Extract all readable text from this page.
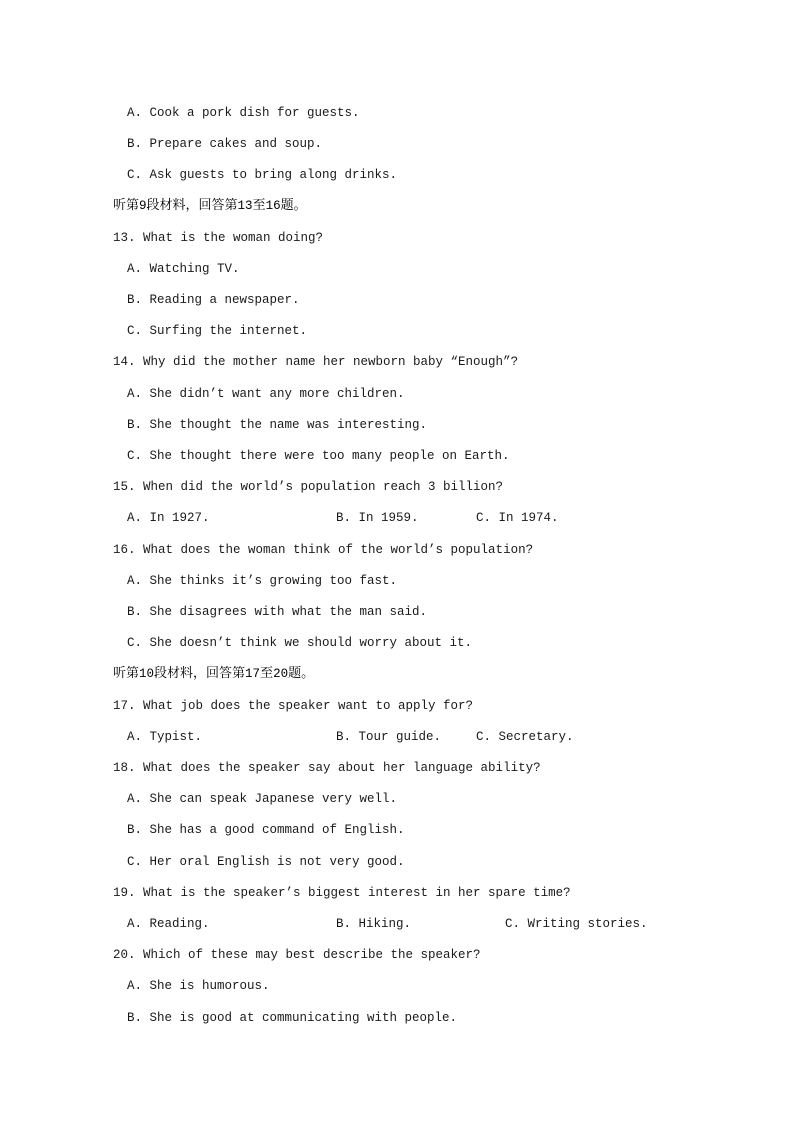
A. Cook a pork dish for guests.
B. Prepare cakes and soup.
C. Ask guests to bring along drinks.
听第9段材料，回答第13至16题。
13. What is the woman doing?
A. Watching TV.
B. Reading a newspaper.
C. Surfing the internet.
14. Why did the mother name her newborn baby “Enough”?
A. She didn’t want any more children.
B. She thought the name was interesting.
C. She thought there were too many people on Earth.
15. When did the world’s population reach 3 billion?
A. In 1927.	B. In 1959.	C. In 1974.
16. What does the woman think of the world’s population?
A. She thinks it’s growing too fast.
B. She disagrees with what the man said.
C. She doesn’t think we should worry about it.
听第10段材料，回答第17至20题。
17. What job does the speaker want to apply for?
A. Typist.	B. Tour guide.	C. Secretary.
18. What does the speaker say about her language ability?
A. She can speak Japanese very well.
B. She has a good command of English.
C. Her oral English is not very good.
19. What is the speaker’s biggest interest in her spare time?
A. Reading.	B. Hiking.	C. Writing stories.
20. Which of these may best describe the speaker?
A. She is humorous.
B. She is good at communicating with people.
